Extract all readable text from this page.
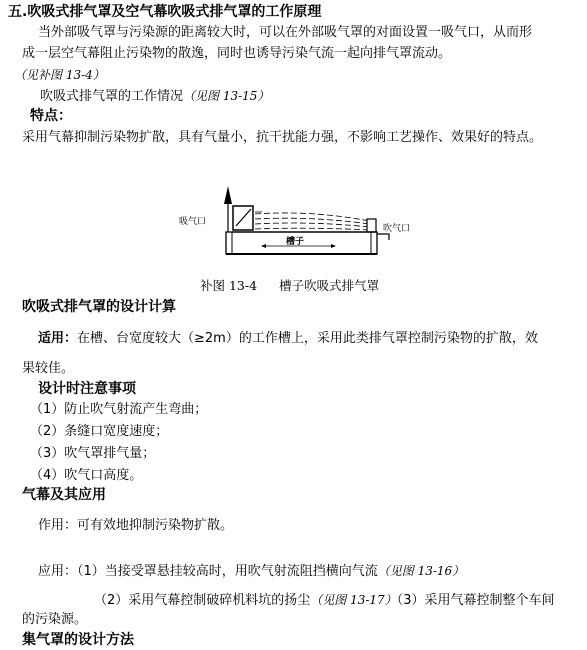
五.吹吸式排气罩及空气幕吹吸式排气罩的工作原理
当外部吸气罩与污染源的距离较大时，可以在外部吸气罩的对面设置一吸气口，从而形
成一层空气幕阻止污染物的散逸，同时也诱导污染气流一起向排气罩流动。
（见补图 13-4）
吹吸式排气罩的工作情况（见图 13-15）
特点：
采用气幕抑制污染物扩散，具有气量小，抗干扰能力强，不影响工艺操作、效果好的特点。
吸气口
槽子
吹气口
补图 13-4 槽子吹吸式排气罩
吹吸式排气罩的设计计算
适用：在槽、台宽度较大（≥2m）的工作槽上，采用此类排气罩控制污染物的扩散，效
果较佳。
设计时注意事项
（1）防止吹气射流产生弯曲；
（2）条缝口宽度速度；
（3）吹气罩排气量；
（4）吹气口高度。
气幕及其应用
作用：可有效地抑制污染物扩散。
应用：（1）当接受罩悬挂较高时，用吹气射流阻挡横向气流（见图 13-16）
（2）采用气幕控制破碎机料坑的扬尘（见图 13-17）（3）采用气幕控制整个车间
的污染源。
集气罩的设计方法
